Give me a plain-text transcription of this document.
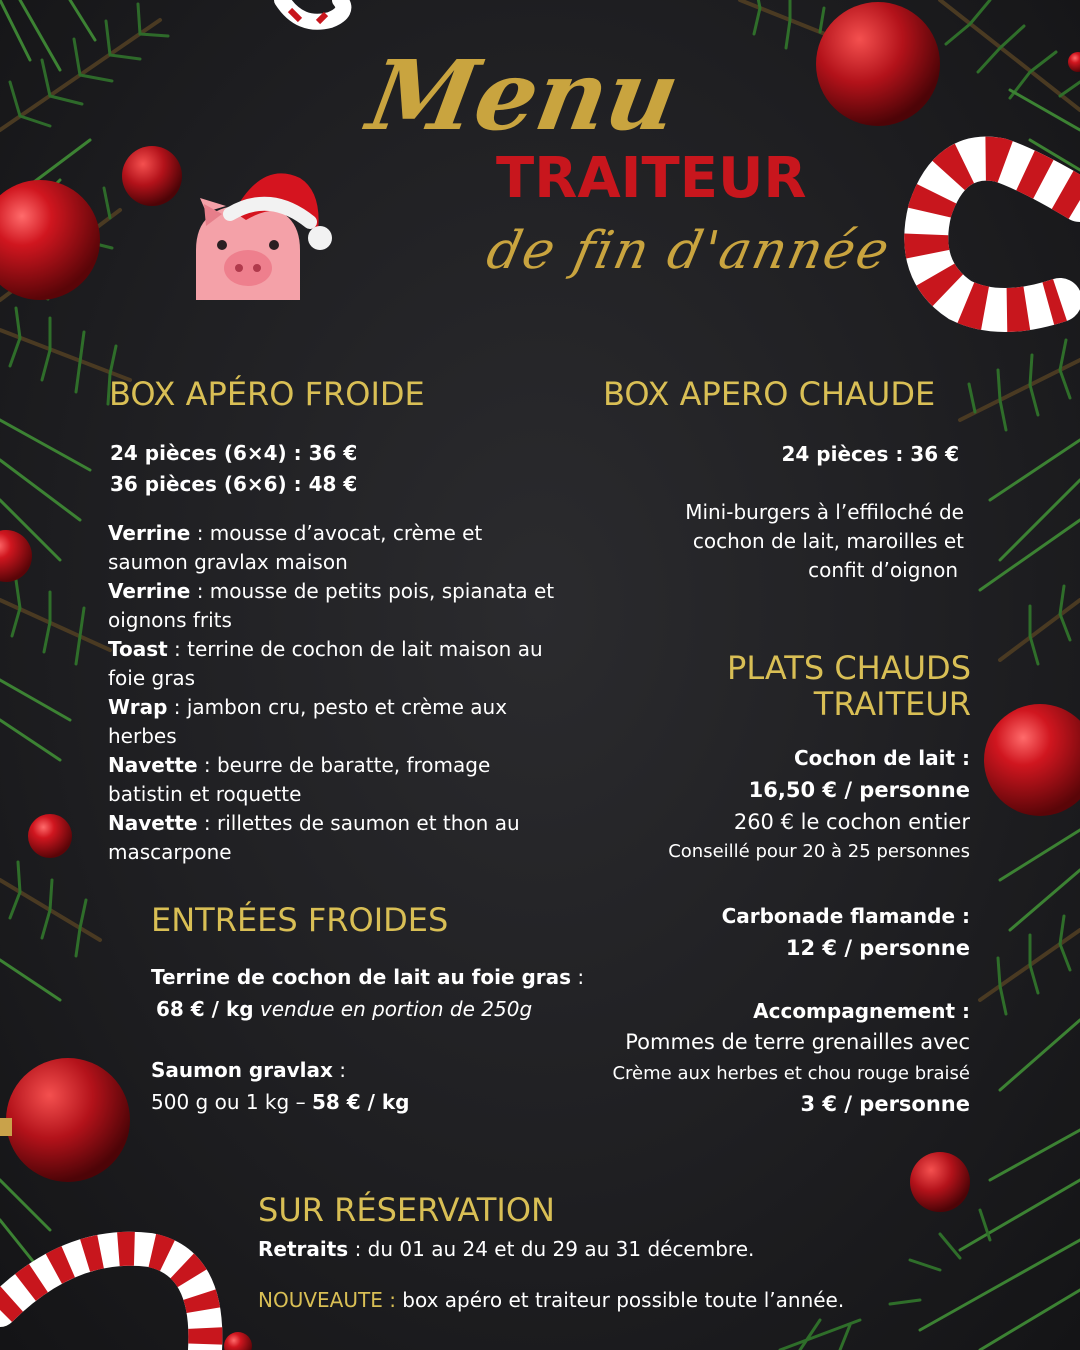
Menu
TRAITEUR
de fin d'année
BOX APÉRO FROIDE
24 pièces (6×4) : 36 €
36 pièces (6×6) : 48 €
Verrine : mousse d’avocat, crème et
saumon gravlax maison
Verrine : mousse de petits pois, spianata et
oignons frits
Toast : terrine de cochon de lait maison au
foie gras
Wrap : jambon cru, pesto et crème aux
herbes
Navette : beurre de baratte, fromage
batistin et roquette
Navette : rillettes de saumon et thon au
mascarpone
BOX APERO CHAUDE
24 pièces : 36 €
Mini-burgers à l’effiloché de
cochon de lait, maroilles et
confit d’oignon
PLATS CHAUDS
TRAITEUR
Cochon de lait :
16,50 € / personne
260 € le cochon entier
Conseillé pour 20 à 25 personnes
Carbonade flamande :
12 € / personne
Accompagnement :
Pommes de terre grenailles avec
Crème aux herbes et chou rouge braisé
3 € / personne
ENTRÉES FROIDES
Terrine de cochon de lait au foie gras :
68 € / kg vendue en portion de 250g
Saumon gravlax :
500 g ou 1 kg – 58 € / kg
SUR RÉSERVATION
Retraits : du 01 au 24 et du 29 au 31 décembre.
NOUVEAUTE : box apéro et traiteur possible toute l’année.
